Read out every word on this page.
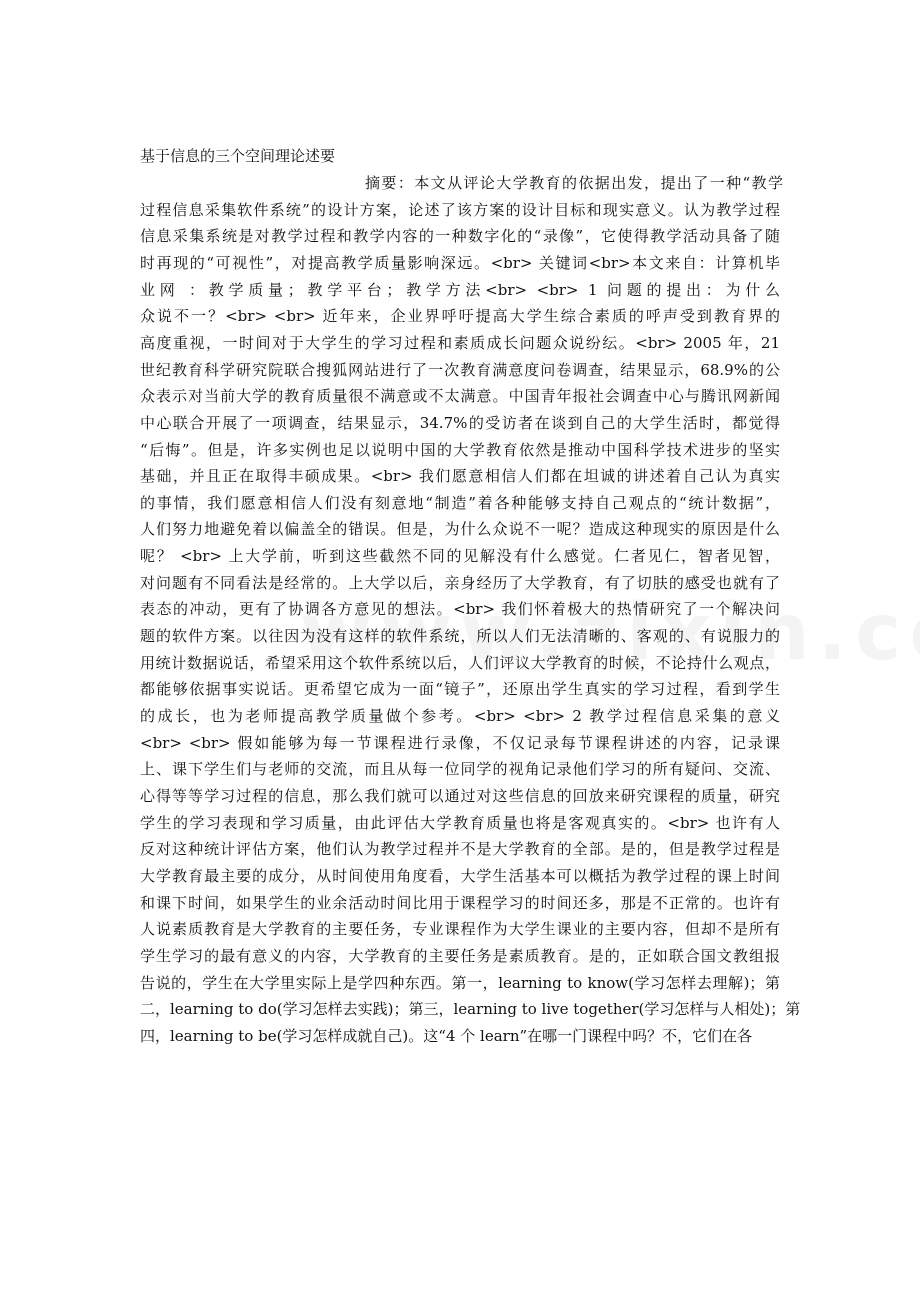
基于信息的三个空间理论述要
摘要：本文从评论大学教育的依据出发，提出了一种“教学
过程信息采集软件系统”的设计方案，论述了该方案的设计目标和现实意义。认为教学过程
信息采集系统是对教学过程和教学内容的一种数字化的“录像”，它使得教学活动具备了随
时再现的“可视性”，对提高教学质量影响深远。<br> 关键词<br>本文来自：计算机毕
业网 ：教学质量；教学平台；教学方法<br> <br> 1 问题的提出：为什么
众说不一？<br> <br> 近年来，企业界呼吁提高大学生综合素质的呼声受到教育界的
高度重视，一时间对于大学生的学习过程和素质成长问题众说纷纭。<br> 2005 年，21
世纪教育科学研究院联合搜狐网站进行了一次教育满意度问卷调查，结果显示，68.9%的公
众表示对当前大学的教育质量很不满意或不太满意。中国青年报社会调查中心与腾讯网新闻
中心联合开展了一项调查，结果显示，34.7%的受访者在谈到自己的大学生活时，都觉得
“后悔”。但是，许多实例也足以说明中国的大学教育依然是推动中国科学技术进步的坚实
基础，并且正在取得丰硕成果。<br> 我们愿意相信人们都在坦诚的讲述着自己认为真实
的事情，我们愿意相信人们没有刻意地“制造”着各种能够支持自己观点的“统计数据”，
人们努力地避免着以偏盖全的错误。但是，为什么众说不一呢？造成这种现实的原因是什么
呢？ <br> 上大学前，听到这些截然不同的见解没有什么感觉。仁者见仁，智者见智，
对问题有不同看法是经常的。上大学以后，亲身经历了大学教育，有了切肤的感受也就有了
表态的冲动，更有了协调各方意见的想法。<br> 我们怀着极大的热情研究了一个解决问
题的软件方案。以往因为没有这样的软件系统，所以人们无法清晰的、客观的、有说服力的
用统计数据说话，希望采用这个软件系统以后，人们评议大学教育的时候，不论持什么观点，
都能够依据事实说话。更希望它成为一面“镜子”，还原出学生真实的学习过程，看到学生
的成长，也为老师提高教学质量做个参考。<br> <br> 2 教学过程信息采集的意义
<br> <br> 假如能够为每一节课程进行录像，不仅记录每节课程讲述的内容，记录课
上、课下学生们与老师的交流，而且从每一位同学的视角记录他们学习的所有疑问、交流、
心得等等学习过程的信息，那么我们就可以通过对这些信息的回放来研究课程的质量，研究
学生的学习表现和学习质量，由此评估大学教育质量也将是客观真实的。<br> 也许有人
反对这种统计评估方案，他们认为教学过程并不是大学教育的全部。是的，但是教学过程是
大学教育最主要的成分，从时间使用角度看，大学生活基本可以概括为教学过程的课上时间
和课下时间，如果学生的业余活动时间比用于课程学习的时间还多，那是不正常的。也许有
人说素质教育是大学教育的主要任务，专业课程作为大学生课业的主要内容，但却不是所有
学生学习的最有意义的内容，大学教育的主要任务是素质教育。是的，正如联合国文教组报
告说的，学生在大学里实际上是学四种东西。第一，learning to know(学习怎样去理解)；第
二，learning to do(学习怎样去实践)；第三，learning to live together(学习怎样与人相处)；第
四，learning to be(学习怎样成就自己)。这“4 个 learn”在哪一门课程中吗？不，它们在各
